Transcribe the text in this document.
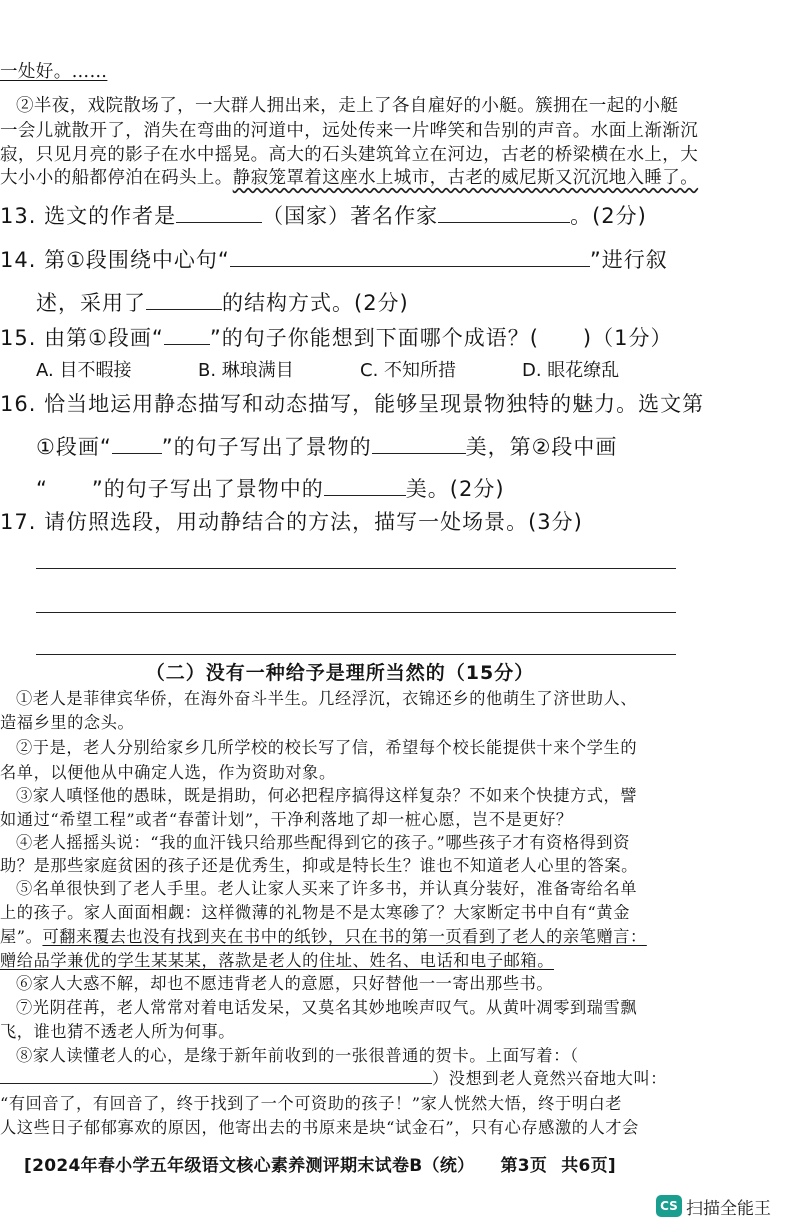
一处好。……
②半夜，戏院散场了，一大群人拥出来，走上了各自雇好的小艇。簇拥在一起的小艇
一会儿就散开了，消失在弯曲的河道中，远处传来一片哗笑和告别的声音。水面上渐渐沉
寂，只见月亮的影子在水中摇晃。高大的石头建筑耸立在河边，古老的桥梁横在水上，大
大小小的船都停泊在码头上。静寂笼罩着这座水上城市，古老的威尼斯又沉沉地入睡了。
13. 选文的作者是	（国家）著名作家	。(2分)
14. 第①段围绕中心句“	”进行叙
述，采用了	的结构方式。(2分)
15. 由第①段画“ ”的句子你能想到下面哪个成语？( )（1分）
A. 目不暇接	B. 琳琅满目	C. 不知所措	D. 眼花缭乱
16. 恰当地运用静态描写和动态描写，能够呈现景物独特的魅力。选文第
①段画“ ”的句子写出了景物的	美，第②段中画
“ ”的句子写出了景物中的	美。(2分)
17. 请仿照选段，用动静结合的方法，描写一处场景。(3分)
（二）没有一种给予是理所当然的（15分）
①老人是菲律宾华侨，在海外奋斗半生。几经浮沉，衣锦还乡的他萌生了济世助人、
造福乡里的念头。
②于是，老人分别给家乡几所学校的校长写了信，希望每个校长能提供十来个学生的
名单，以便他从中确定人选，作为资助对象。
③家人嗔怪他的愚昧，既是捐助，何必把程序搞得这样复杂？不如来个快捷方式，譬
如通过“希望工程”或者“春蕾计划”，干净利落地了却一桩心愿，岂不是更好？
④老人摇摇头说：“我的血汗钱只给那些配得到它的孩子。”哪些孩子才有资格得到资
助？是那些家庭贫困的孩子还是优秀生，抑或是特长生？谁也不知道老人心里的答案。
⑤名单很快到了老人手里。老人让家人买来了许多书，并认真分装好，准备寄给名单
上的孩子。家人面面相觑：这样微薄的礼物是不是太寒碜了？大家断定书中自有“黄金
屋”。可翻来覆去也没有找到夹在书中的纸钞，只在书的第一页看到了老人的亲笔赠言：
赠给品学兼优的学生某某某，落款是老人的住址、姓名、电话和电子邮箱。
⑥家人大惑不解，却也不愿违背老人的意愿，只好替他一一寄出那些书。
⑦光阴荏苒，老人常常对着电话发呆，又莫名其妙地唉声叹气。从黄叶凋零到瑞雪飘
飞，谁也猜不透老人所为何事。
⑧家人读懂老人的心，是缘于新年前收到的一张很普通的贺卡。上面写着：（
）没想到老人竟然兴奋地大叫：
“有回音了，有回音了，终于找到了一个可资助的孩子！”家人恍然大悟，终于明白老
人这些日子郁郁寡欢的原因，他寄出去的书原来是块“试金石”，只有心存感激的人才会
[2024年春小学五年级语文核心素养测评期末试卷B（统） 第3页 共6页]
CS 扫描全能王
